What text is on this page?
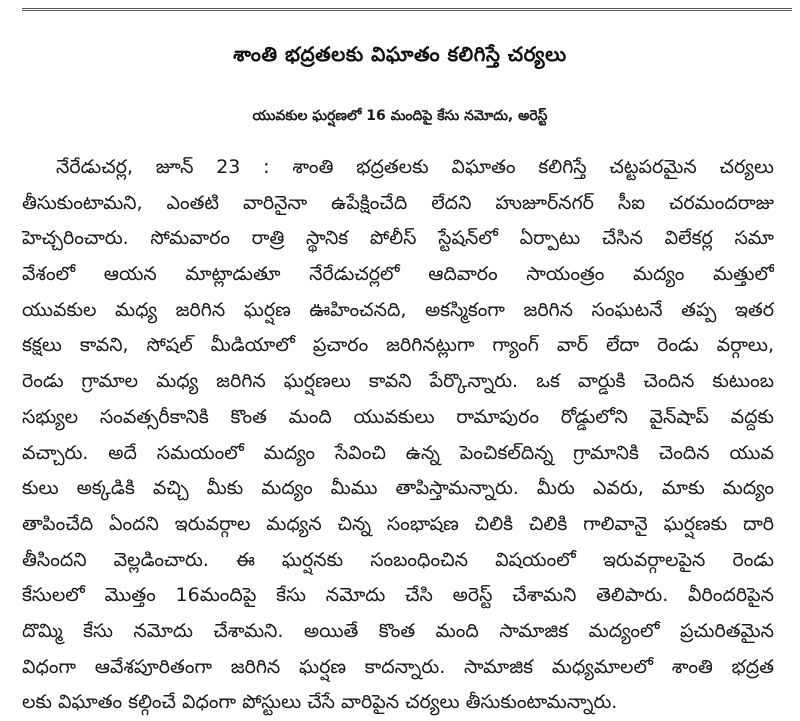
శాంతి భద్రతలకు విఘాతం కలిగిస్తే చర్యలు
యువకుల ఘర్షణలో 16 మందిపై కేసు నమోదు, అరెస్ట్
నేరేడుచర్ల, జూన్ 23 : శాంతి భద్రతలకు విఘాతం కలిగిస్తే చట్టపరమైన చర్యలు
తీసుకుంటామని, ఎంతటి వారినైనా ఉపేక్షించేది లేదని హుజూర్‌నగర్ సీఐ చరమందరాజు
హెచ్చరించారు. సోమవారం రాత్రి స్థానిక పోలీస్ స్టేషన్‌లో ఏర్పాటు చేసిన విలేకర్ల సమా
వేశంలో ఆయన మాట్లాడుతూ నేరేడుచర్లలో ఆదివారం సాయంత్రం మద్యం మత్తులో
యువకుల మధ్య జరిగిన ఘర్షణ ఊహించనది, అకస్మికంగా జరిగిన సంఘటనే తప్ప ఇతర
కక్షలు కావని, సోషల్ మీడియాలో ప్రచారం జరిగినట్లుగా గ్యాంగ్ వార్ లేదా రెండు వర్గాలు,
రెండు గ్రామాల మధ్య జరిగిన ఘర్షణలు కావని పేర్కొన్నారు. ఒక వార్డుకి చెందిన కుటుంబ
సభ్యుల సంవత్సరీకానికి కొంత మంది యువకులు రామాపురం రోడ్డులోని వైన్‌షాప్ వద్దకు
వచ్చారు. అదే సమయంలో మద్యం సేవించి ఉన్న పెంచికల్‌దిన్న గ్రామానికి చెందిన యువ
కులు అక్కడికి వచ్చి మీకు మద్యం మీము తాపిస్తామన్నారు. మీరు ఎవరు, మాకు మద్యం
తాపించేది ఏందని ఇరువర్గాల మధ్యన చిన్న సంభాషణ చిలికి చిలికి గాలివానై ఘర్షణకు దారి
తీసిందని వెల్లడించారు. ఈ ఘర్షనకు సంబంధించిన విషయంలో ఇరువర్గాలపైన రెండు
కేసులలో మొత్తం 16మందిపై కేసు నమోదు చేసి అరెస్ట్ చేశామని తెలిపారు. వీరిందరిపైన
దొమ్మి కేసు నమోదు చేశామని. అయితే కొంత మంది సామాజిక మద్యంలో ప్రచురితమైన
విధంగా ఆవేశపూరితంగా జరిగిన ఘర్షణ కాదన్నారు. సామాజిక మధ్యమాలలో శాంతి భద్రత
లకు విఘాతం కల్గించే విధంగా పోస్టులు చేసే వారిపైన చర్యలు తీసుకుంటామన్నారు.
